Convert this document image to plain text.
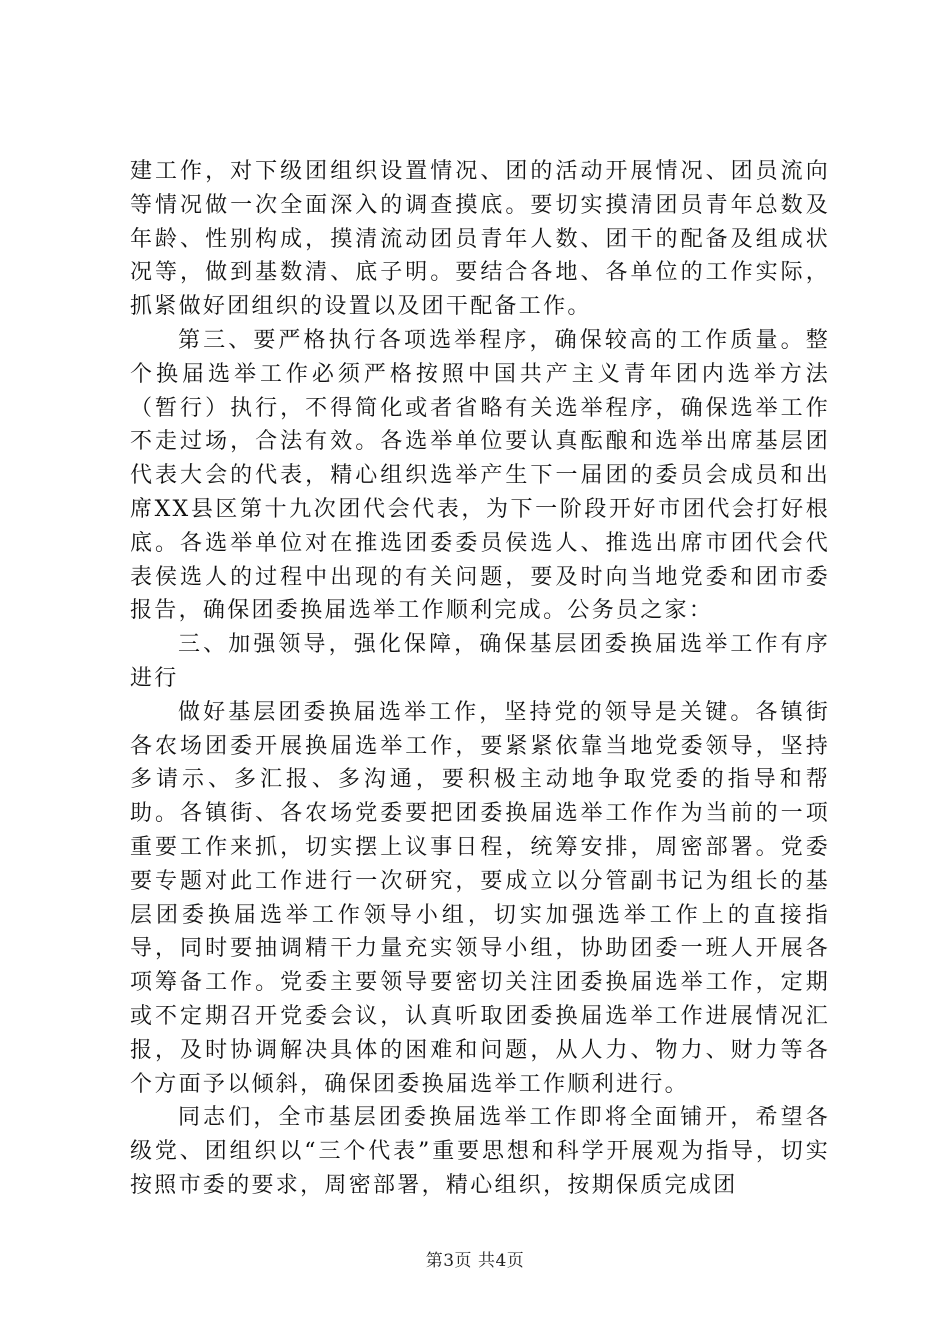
建工作，对下级团组织设置情况、团的活动开展情况、团员流向等情况做一次全面深入的调查摸底。要切实摸清团员青年总数及年龄、性别构成，摸清流动团员青年人数、团干的配备及组成状况等，做到基数清、底子明。要结合各地、各单位的工作实际，抓紧做好团组织的设置以及团干配备工作。

第三、要严格执行各项选举程序，确保较高的工作质量。整个换届选举工作必须严格按照中国共产主义青年团内选举方法（暂行）执行，不得简化或者省略有关选举程序，确保选举工作不走过场，合法有效。各选举单位要认真酝酿和选举出席基层团代表大会的代表，精心组织选举产生下一届团的委员会成员和出席XX县区第十九次团代会代表，为下一阶段开好市团代会打好根底。各选举单位对在推选团委委员侯选人、推选出席市团代会代表侯选人的过程中出现的有关问题，要及时向当地党委和团市委报告，确保团委换届选举工作顺利完成。公务员之家：

三、加强领导，强化保障，确保基层团委换届选举工作有序进行

做好基层团委换届选举工作，坚持党的领导是关键。各镇街各农场团委开展换届选举工作，要紧紧依靠当地党委领导，坚持多请示、多汇报、多沟通，要积极主动地争取党委的指导和帮助。各镇街、各农场党委要把团委换届选举工作作为当前的一项重要工作来抓，切实摆上议事日程，统筹安排，周密部署。党委要专题对此工作进行一次研究，要成立以分管副书记为组长的基层团委换届选举工作领导小组，切实加强选举工作上的直接指导，同时要抽调精干力量充实领导小组，协助团委一班人开展各项筹备工作。党委主要领导要密切关注团委换届选举工作，定期或不定期召开党委会议，认真听取团委换届选举工作进展情况汇报，及时协调解决具体的困难和问题，从人力、物力、财力等各个方面予以倾斜，确保团委换届选举工作顺利进行。

同志们，全市基层团委换届选举工作即将全面铺开，希望各级党、团组织以“三个代表”重要思想和科学开展观为指导，切实按照市委的要求，周密部署，精心组织，按期保质完成团

第3页 共4页
